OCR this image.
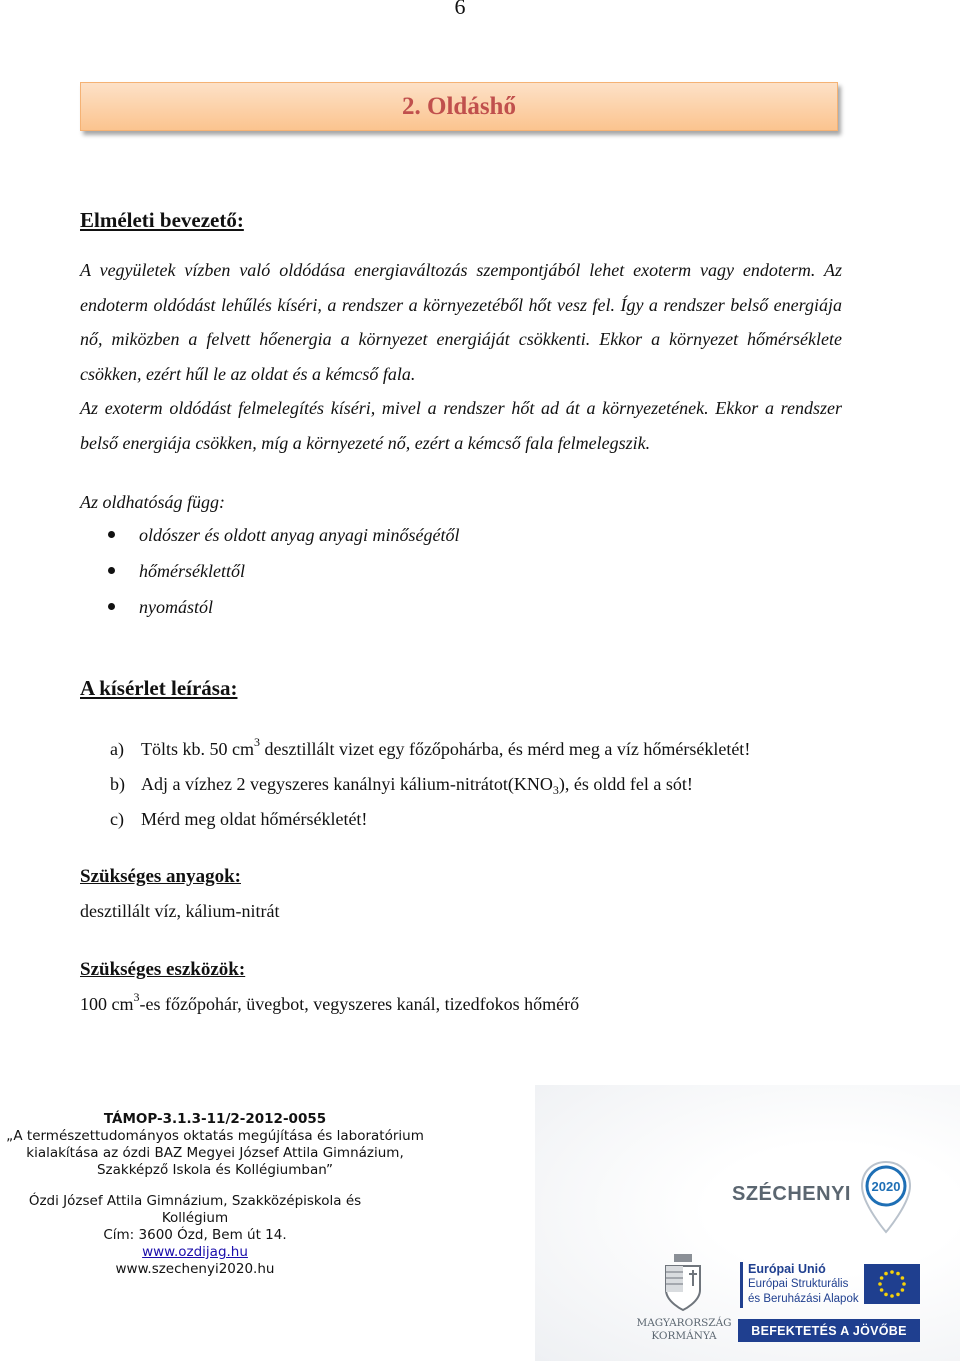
6
2. Oldáshő
Elméleti bevezető:
A vegyületek vízben való oldódása energiaváltozás szempontjából lehet exoterm vagy endoterm. Az endoterm oldódást lehűlés kíséri, a rendszer a környezetéből hőt vesz fel. Így a rendszer belső energiája nő, miközben a felvett hőenergia a környezet energiáját csökkenti. Ekkor a környezet hőmérséklete csökken, ezért hűl le az oldat és a kémcső fala.
Az exoterm oldódást felmelegítés kíséri, mivel a rendszer hőt ad át a környezetének. Ekkor a rendszer belső energiája csökken, míg a környezeté nő, ezért a kémcső fala felmelegszik.
Az oldhatóság függ:
oldószer és oldott anyag anyagi minőségétől
hőmérséklettől
nyomástól
A kísérlet leírása:
a) Tölts kb. 50 $cm^3$ desztillált vizet egy főzőpohárba, és mérd meg a víz hőmérsékletét!
b) Adj a vízhez 2 vegyszeres kanálnyi kálium-$nitrátot(KNO_3)$, és oldd fel a sót!
c) Mérd meg oldat hőmérsékletét!
Szükséges anyagok:
desztillált víz, kálium-nitrát
Szükséges eszközök:
100 $cm^3-es$ főzőpohár, üvegbot, vegyszeres kanál, tizedfokos hőmérő
TÁMOP-3.1.3-11/2-2012-0055
„A természettudományos oktatás megújítása és laboratórium
kialakítása az ózdi BAZ Megyei József Attila Gimnázium,
Szakképző Iskola és Kollégiumban”
Ózdi József Attila Gimnázium, Szakközépiskola és
Kollégium
Cím: 3600 Ózd, Bem út 14.
www.ozdijag.hu
www.szechenyi2020.hu
SZÉCHENYI 2020
MAGYARORSZÁG
KORMÁNYA
Európai Unió
Európai Strukturális
és Beruházási Alapok
BEFEKTETÉS A JÖVŐBE
